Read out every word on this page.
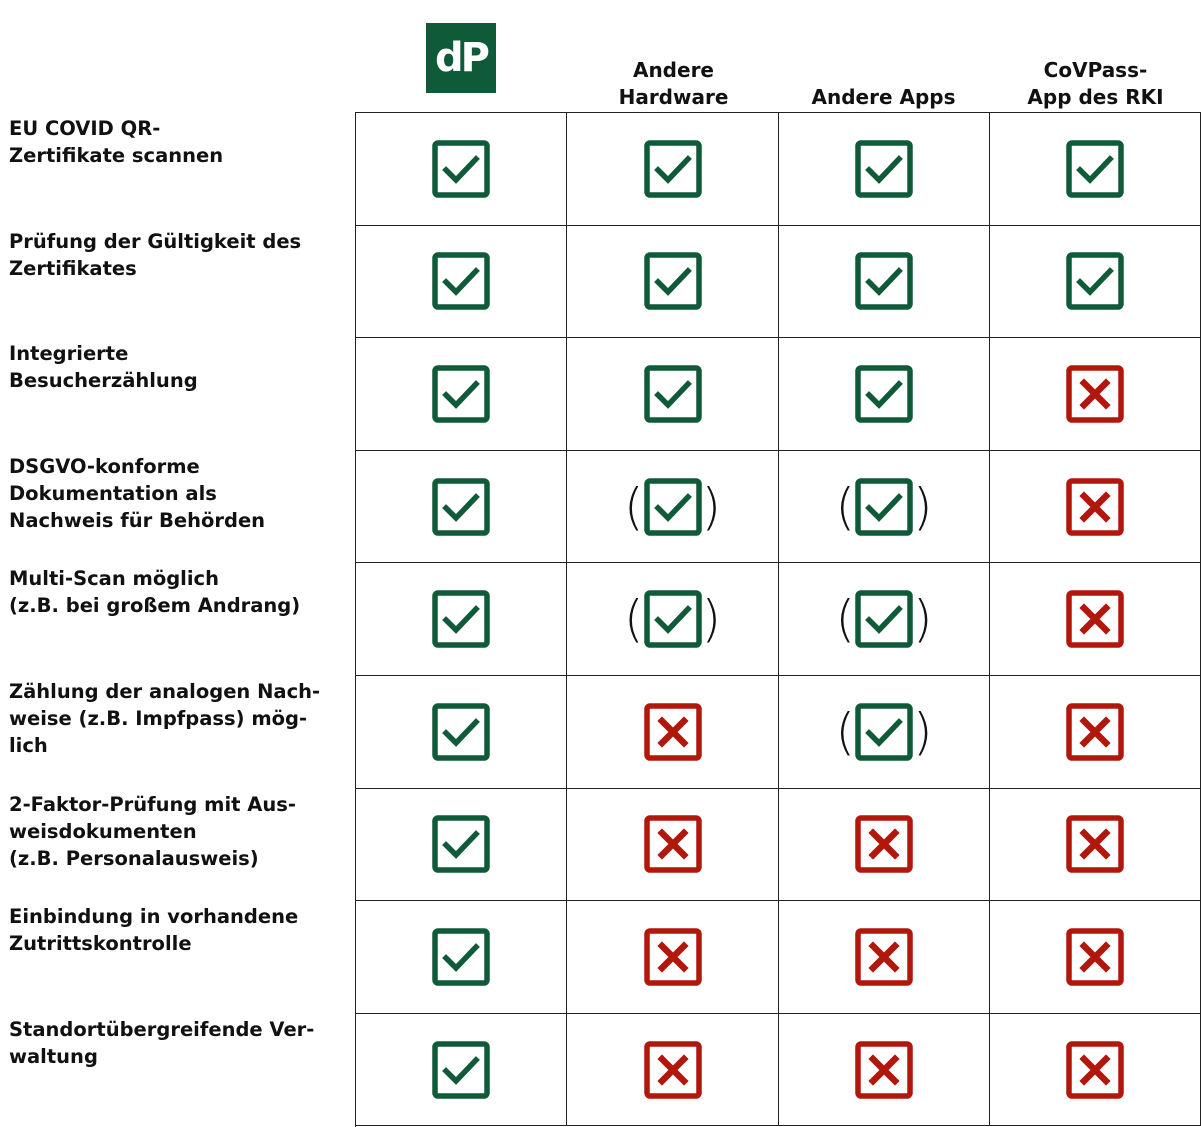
dP	Andere
Hardware	Andere Apps
CoVPass-
App des RKI
EU COVID QR-
Zertifikate scannen
Prüfung der Gültigkeit des
Zertifikates
Integrierte
Besucherzählung
DSGVO-konforme
Dokumentation als
Nachweis für Behörden
Multi-Scan möglich
(z.B. bei großem Andrang)
Zählung der analogen Nach-
weise (z.B. Impfpass) mög-
lich
2-Faktor-Prüfung mit Aus-
weisdokumenten
(z.B. Personalausweis)
Einbindung in vorhandene
Zutrittskontrolle
Standortübergreifende Ver-
waltung
( ) ( )
( ) ( )
( )
